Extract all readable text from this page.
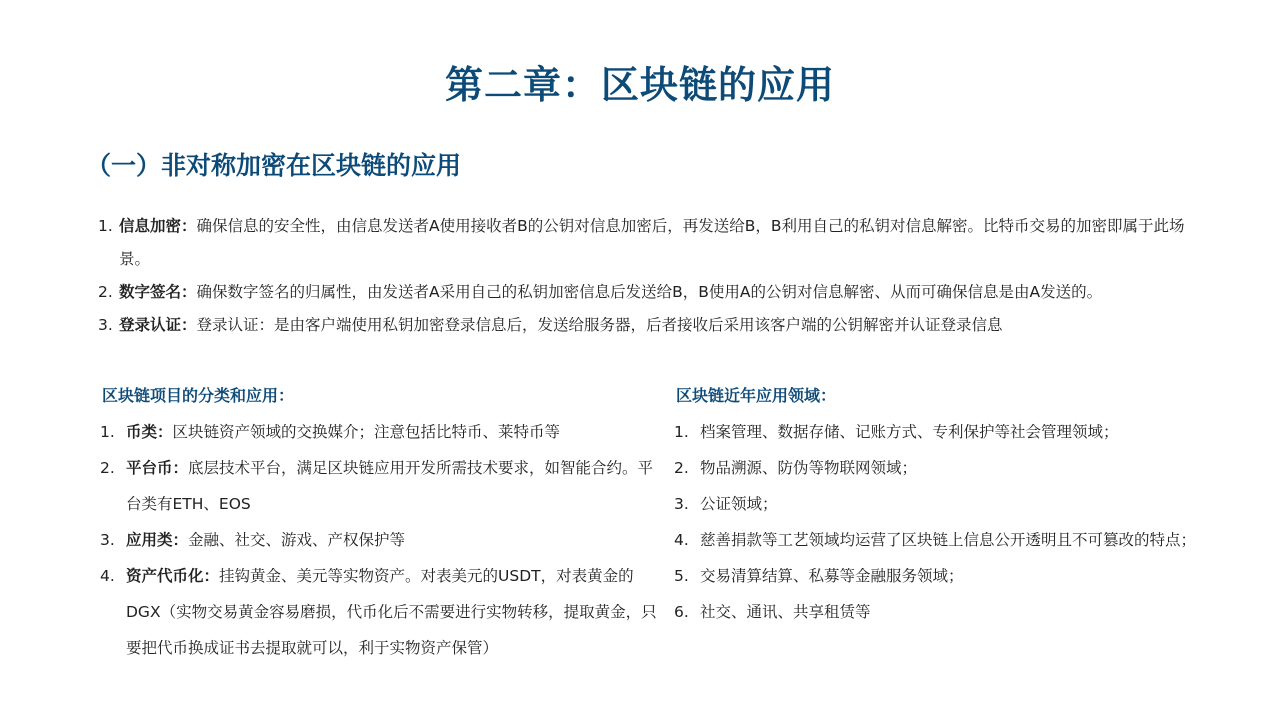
第二章：区块链的应用
（一）非对称加密在区块链的应用
1. 信息加密：确保信息的安全性，由信息发送者A使用接收者B的公钥对信息加密后，再发送给B，B利用自己的私钥对信息解密。比特币交易的加密即属于此场景。
2. 数字签名：确保数字签名的归属性，由发送者A采用自己的私钥加密信息后发送给B，B使用A的公钥对信息解密、从而可确保信息是由A发送的。
3. 登录认证：登录认证：是由客户端使用私钥加密登录信息后，发送给服务器，后者接收后采用该客户端的公钥解密并认证登录信息
区块链项目的分类和应用：
1. 币类：区块链资产领域的交换媒介；注意包括比特币、莱特币等
2. 平台币：底层技术平台，满足区块链应用开发所需技术要求，如智能合约。平台类有ETH、EOS
3. 应用类：金融、社交、游戏、产权保护等
4. 资产代币化：挂钩黄金、美元等实物资产。对表美元的USDT，对表黄金的DGX（实物交易黄金容易磨损，代币化后不需要进行实物转移，提取黄金，只要把代币换成证书去提取就可以，利于实物资产保管）
区块链近年应用领域：
1. 档案管理、数据存储、记账方式、专利保护等社会管理领域；
2. 物品溯源、防伪等物联网领域；
3. 公证领域；
4. 慈善捐款等工艺领域均运营了区块链上信息公开透明且不可篡改的特点；
5. 交易清算结算、私募等金融服务领域；
6. 社交、通讯、共享租赁等
